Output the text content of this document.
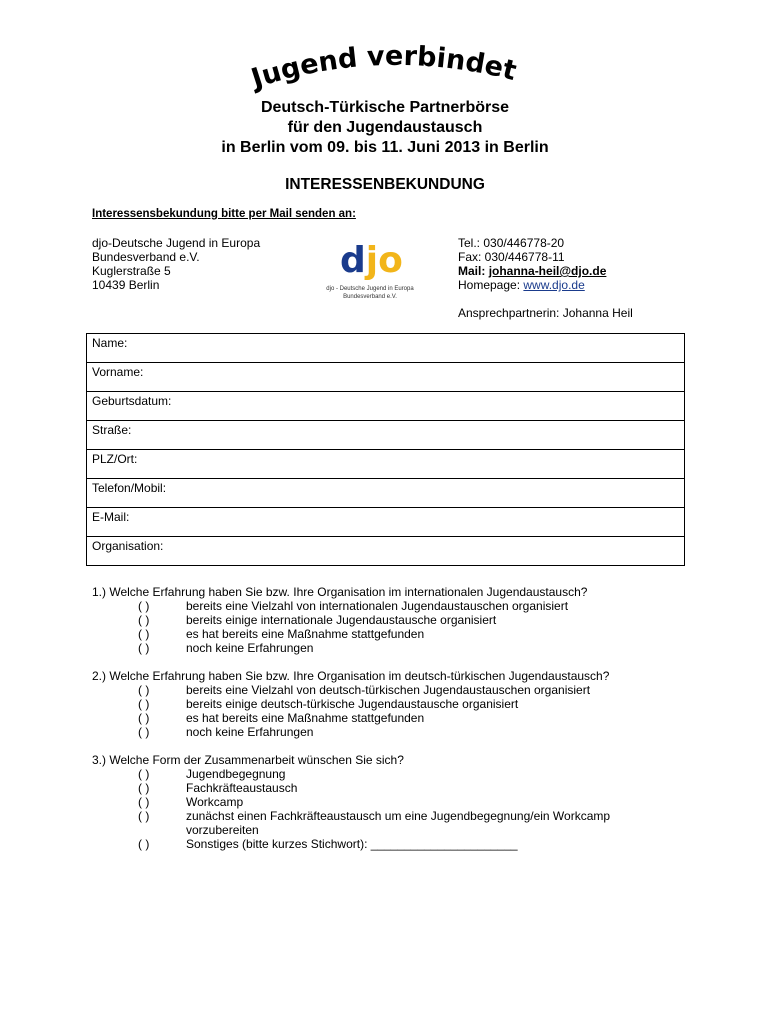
Jugend verbindet
Deutsch-Türkische Partnerbörse
für den Jugendaustausch
in Berlin vom 09. bis 11. Juni 2013 in Berlin
INTERESSENBEKUNDUNG
Interessensbekundung bitte per Mail senden an:
djo-Deutsche Jugend in Europa
Bundesverband e.V.
Kuglerstraße 5
10439 Berlin
djo
djo - Deutsche Jugend in Europa
Bundesverband e.V.
Tel.: 030/446778-20
Fax: 030/446778-11
Mail: johanna-heil@djo.de
Homepage: www.djo.de
Ansprechpartnerin: Johanna Heil
Name:
Vorname:
Geburtsdatum:
Straße:
PLZ/Ort:
Telefon/Mobil:
E-Mail:
Organisation:
1.) Welche Erfahrung haben Sie bzw. Ihre Organisation im internationalen Jugendaustausch?
( )	bereits eine Vielzahl von internationalen Jugendaustauschen organisiert
( )	bereits einige internationale Jugendaustausche organisiert
( )	es hat bereits eine Maßnahme stattgefunden
( )	noch keine Erfahrungen
2.) Welche Erfahrung haben Sie bzw. Ihre Organisation im deutsch-türkischen Jugendaustausch?
( )	bereits eine Vielzahl von deutsch-türkischen Jugendaustauschen organisiert
( )	bereits einige deutsch-türkische Jugendaustausche organisiert
( )	es hat bereits eine Maßnahme stattgefunden
( )	noch keine Erfahrungen
3.) Welche Form der Zusammenarbeit wünschen Sie sich?
( )	Jugendbegegnung
( )	Fachkräfteaustausch
( )	Workcamp
( )	zunächst einen Fachkräfteaustausch um eine Jugendbegegnung/ein Workcamp
vorzubereiten
( )	Sonstiges (bitte kurzes Stichwort): ______________________
